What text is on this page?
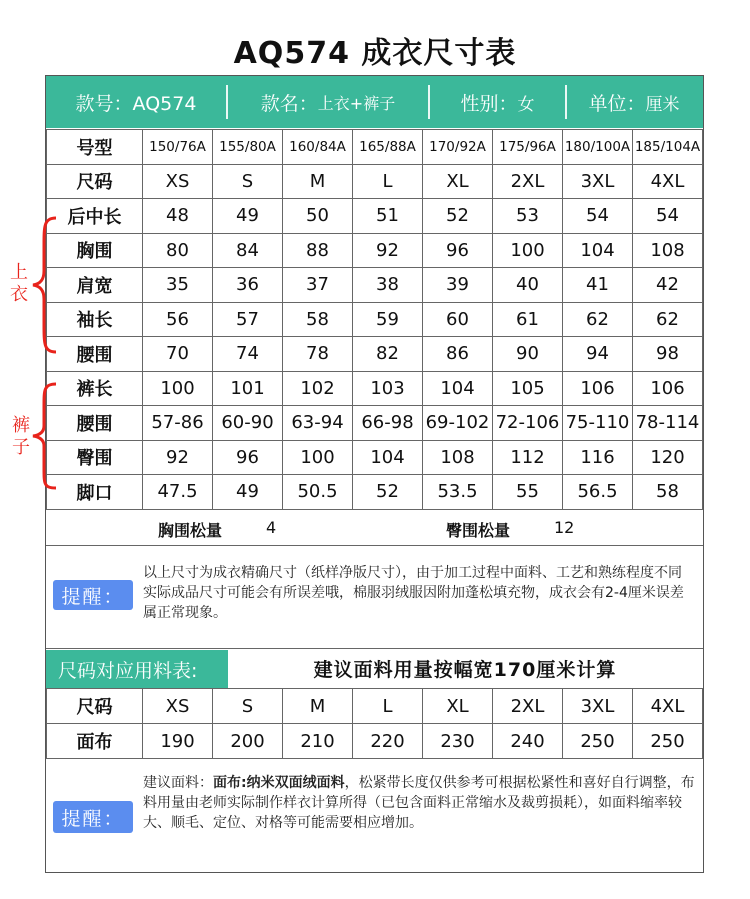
AQ574 成衣尺寸表
款号：AQ574	款名： 上衣+裤子	性别： 女	单位： 厘米
号型	150/76A	155/80A	160/84A	165/88A	170/92A	175/96A	180/100A	185/104A
尺码	XS	S	M	L	XL	2XL	3XL	4XL
后中长	48	49	50	51	52	53	54	54
胸围	80	84	88	92	96	100	104	108
肩宽	35	36	37	38	39	40	41	42
袖长	56	57	58	59	60	61	62	62
腰围	70	74	78	82	86	90	94	98
裤长	100	101	102	103	104	105	106	106
腰围	57-86	60-90	63-94	66-98	69-102	72-106	75-110	78-114
臀围	92	96	100	104	108	112	116	120
脚口	47.5	49	50.5	52	53.5	55	56.5	58
上衣
裤子
胸围松量	4	臀围松量	12
提醒：
以上尺寸为成衣精确尺寸（纸样净版尺寸），由于加工过程中面料、工艺和熟练程度不同实际成品尺寸可能会有所误差哦，棉服羽绒服因附加蓬松填充物，成衣会有2-4厘米误差属正常现象。
尺码对应用料表:	建议面料用量按幅宽170厘米计算
尺码	XS	S	M	L	XL	2XL	3XL	4XL
面布	190	200	210	220	230	240	250	250
提醒：
建议面料：面布:纳米双面绒面料，松紧带长度仅供参考可根据松紧性和喜好自行调整，布料用量由老师实际制作样衣计算所得（已包含面料正常缩水及裁剪损耗），如面料缩率较大、顺毛、定位、对格等可能需要相应增加。
